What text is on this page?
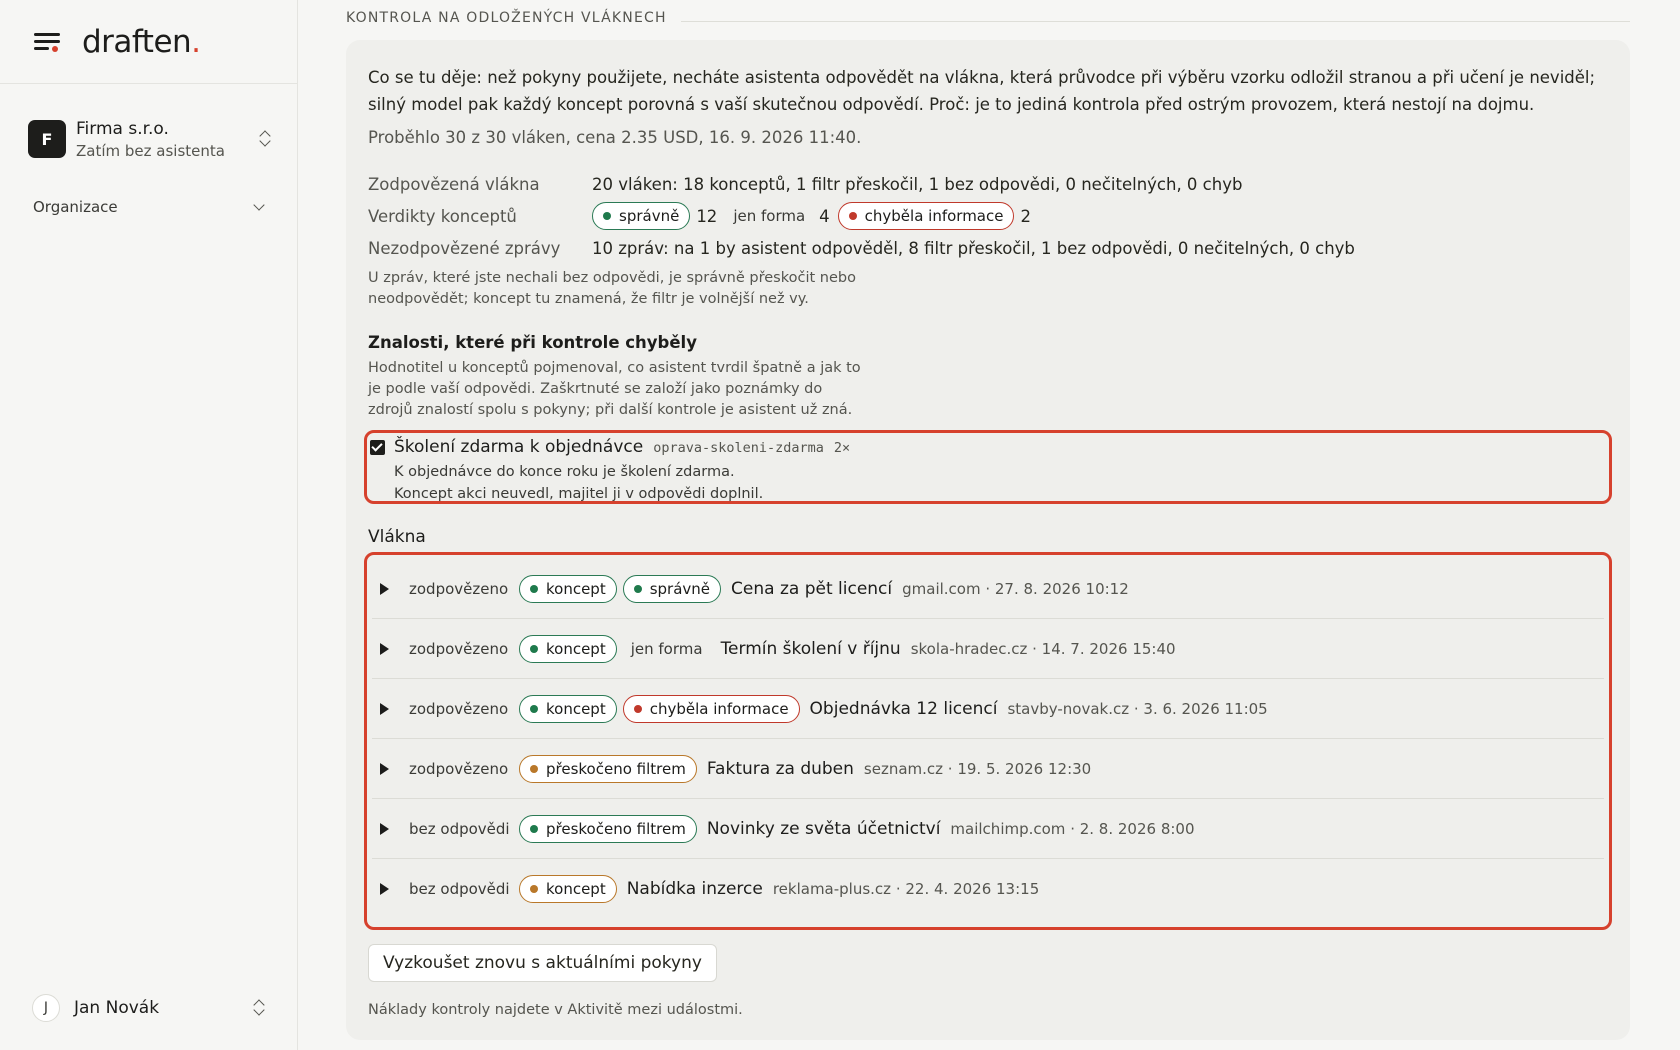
draften.
F
Firma s.r.o.
Zatím bez asistenta
Organizace
J	Jan Novák
KONTROLA NA ODLOŽENÝCH VLÁKNECH
Co se tu děje: než pokyny použijete, necháte asistenta odpovědět na vlákna, která průvodce při výběru vzorku odložil stranou a při učení je neviděl; silný model pak každý koncept porovná s vaší skutečnou odpovědí. Proč: je to jediná kontrola před ostrým provozem, která nestojí na dojmu.
Proběhlo 30 z 30 vláken, cena 2.35 USD, 16. 9. 2026 11:40.
Zodpovězená vlákna	20 vláken: 18 konceptů, 1 filtr přeskočil, 1 bez odpovědi, 0 nečitelných, 0 chyb
Verdikty konceptů	správně 12	jen forma 4 chyběla informace 2
Nezodpovězené zprávy	10 zpráv: na 1 by asistent odpověděl, 8 filtr přeskočil, 1 bez odpovědi, 0 nečitelných, 0 chyb
U zpráv, které jste nechali bez odpovědi, je správně přeskočit nebo neodpovědět; koncept tu znamená, že filtr je volnější než vy.
Znalosti, které při kontrole chyběly
Hodnotitel u konceptů pojmenoval, co asistent tvrdil špatně a jak to je podle vaší odpovědi. Zaškrtnuté se založí jako poznámky do zdrojů znalostí spolu s pokyny; při další kontrole je asistent už zná.
Školení zdarma k objednávce oprava-skoleni-zdarma 2×
K objednávce do konce roku je školení zdarma.
Koncept akci neuvedl, majitel ji v odpovědi doplnil.
Vlákna
zodpovězeno	koncept	správně Cena za pět licencí gmail.com · 27. 8. 2026 10:12
zodpovězeno	koncept	jen forma	Termín školení v říjnu skola-hradec.cz · 14. 7. 2026 15:40
zodpovězeno	koncept	chyběla informace Objednávka 12 licencí stavby-novak.cz · 3. 6. 2026 11:05
zodpovězeno	přeskočeno filtrem Faktura za duben seznam.cz · 19. 5. 2026 12:30
bez odpovědi	přeskočeno filtrem Novinky ze světa účetnictví mailchimp.com · 2. 8. 2026 8:00
bez odpovědi	koncept Nabídka inzerce reklama-plus.cz · 22. 4. 2026 13:15
Vyzkoušet znovu s aktuálními pokyny
Náklady kontroly najdete v Aktivitě mezi událostmi.
